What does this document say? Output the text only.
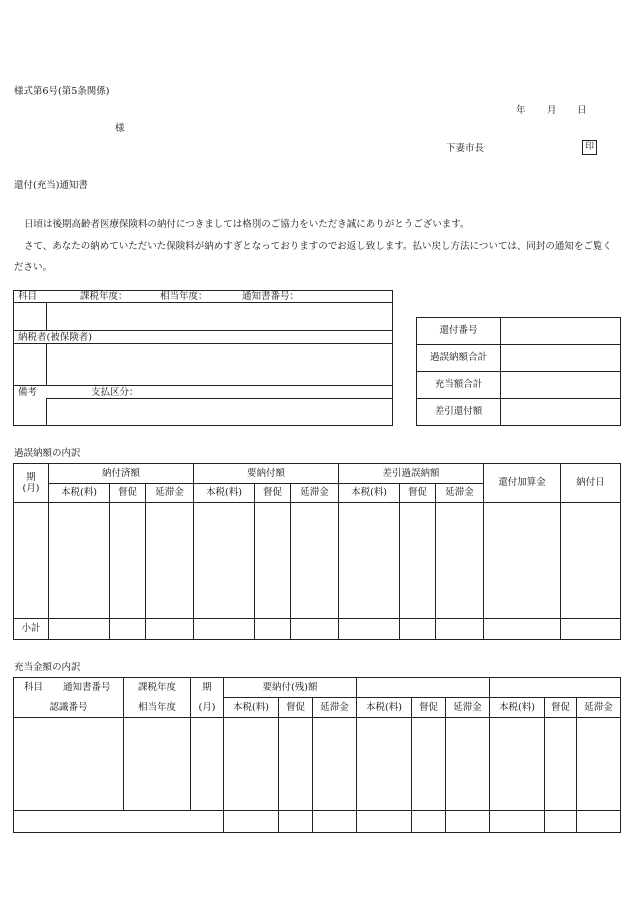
様式第6号(第5条関係)
年 月 日
様
下妻市長	印
還付(充当)通知書
日頃は後期高齢者医療保険料の納付につきましては格別のご協力をいただき誠にありがとうございます。
さて、あなたの納めていただいた保険料が納めすぎとなっておりますのでお返し致します。払い戻し方法については、同封の通知をご覧ください。
科目	課税年度：	相当年度：	通知書番号：
納税者(被保険者)
備考	支払区分：
還付番号	
過誤納額合計	
充当額合計	
差引還付額	
過誤納額の内訳
期
(月)	納付済額			要納付額			差引過誤納額			還付加算金	納付日
	本税(料)	督促	延滞金	本税(料)	督促	延滞金	本税(料)	督促	延滞金		

小計											
充当金額の内訳
科目 通知書番号	課税年度	期	要納付(残)額								
認識番号	相当年度	(月)	本税(料)	督促	延滞金	本税(料)	督促	延滞金	本税(料)	督促	延滞金
